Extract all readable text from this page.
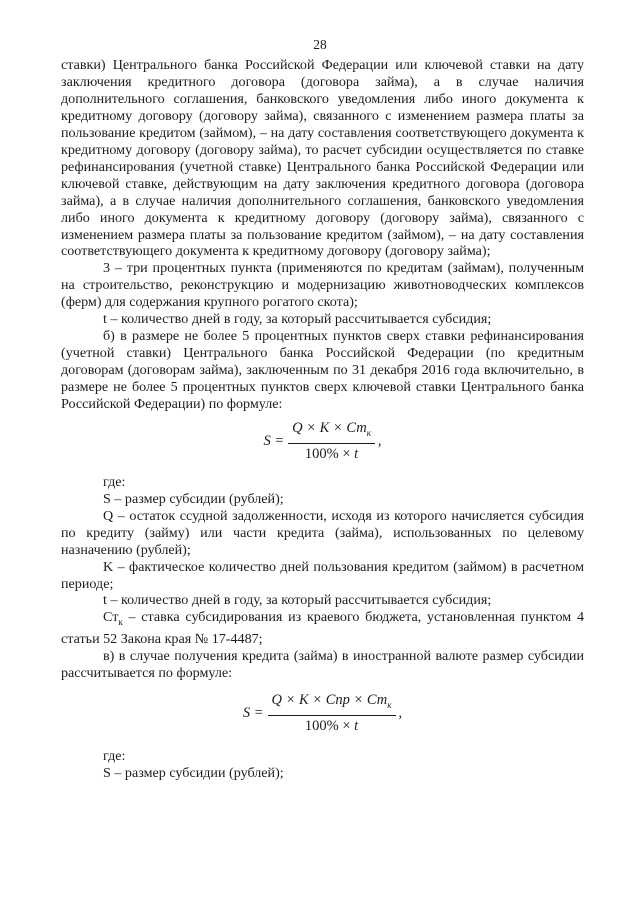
28

ставки) Центрального банка Российской Федерации или ключевой ставки на дату заключения кредитного договора (договора займа), а в случае наличия дополнительного соглашения, банковского уведомления либо иного документа к кредитному договору (договору займа), связанного с изменением размера платы за пользование кредитом (займом), – на дату составления соответствующего документа к кредитному договору (договору займа), то расчет субсидии осуществляется по ставке рефинансирования (учетной ставке) Центрального банка Российской Федерации или ключевой ставке, действующим на дату заключения кредитного договора (договора займа), а в случае наличия дополнительного соглашения, банковского уведомления либо иного документа к кредитному договору (договору займа), связанного с изменением размера платы за пользование кредитом (займом), – на дату составления соответствующего документа к кредитному договору (договору займа);

3 – три процентных пункта (применяются по кредитам (займам), полученным на строительство, реконструкцию и модернизацию животноводческих комплексов (ферм) для содержания крупного рогатого скота);

t – количество дней в году, за который рассчитывается субсидия;

б) в размере не более 5 процентных пунктов сверх ставки рефинансирования (учетной ставки) Центрального банка Российской Федерации (по кредитным договорам (договорам займа), заключенным по 31 декабря 2016 года включительно, в размере не более 5 процентных пунктов сверх ключевой ставки Центрального банка Российской Федерации) по формуле:

$S = \frac{Q \times K \times Ст_к}{100\% \times t}$ ,

где:

S – размер субсидии (рублей);

Q – остаток ссудной задолженности, исходя из которого начисляется субсидия по кредиту (займу) или части кредита (займа), использованных по целевому назначению (рублей);

K – фактическое количество дней пользования кредитом (займом) в расчетном периоде;

t – количество дней в году, за который рассчитывается субсидия;

$Ст_к$ – ставка субсидирования из краевого бюджета, установленная пунктом 4 статьи 52 Закона края № 17-4487;

в) в случае получения кредита (займа) в иностранной валюте размер субсидии рассчитывается по формуле:

$S = \frac{Q \times K \times Cnp \times Ст_к}{100\% \times t}$ ,

где:

S – размер субсидии (рублей);
